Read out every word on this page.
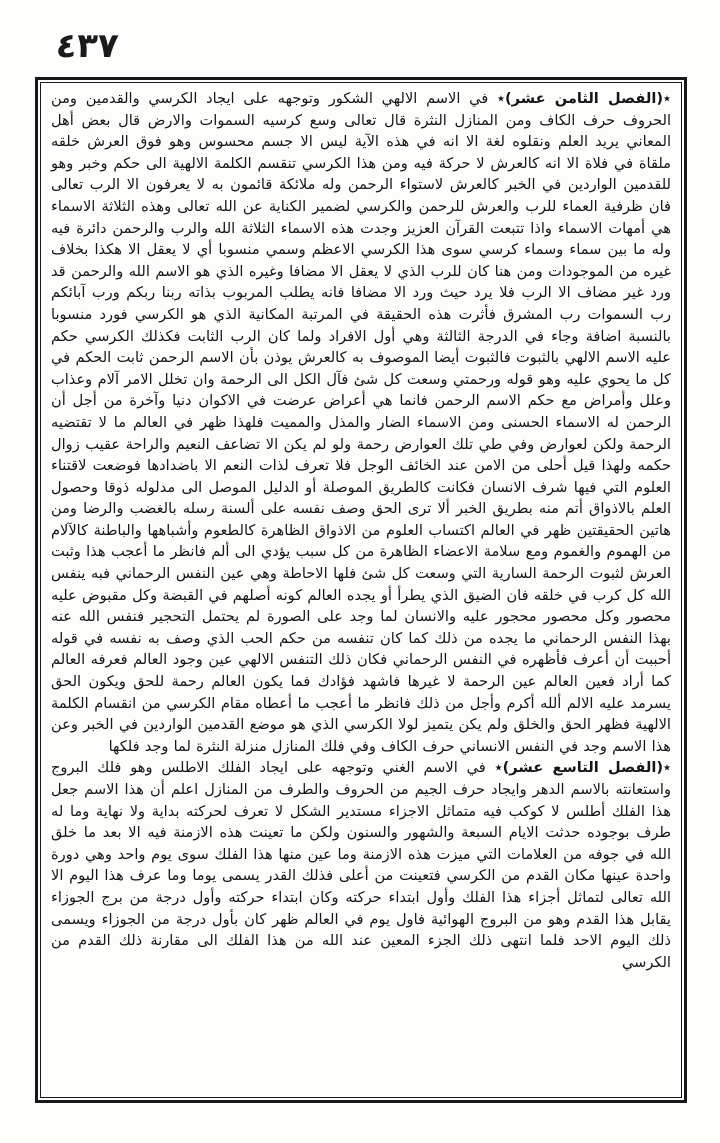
٤٣٧

٭(الفصل الثامن عشر)٭ في الاسم الالهي الشكور وتوجهه على ايجاد الكرسي والقدمين ومن الحروف حرف الكاف ومن المنازل النثرة قال تعالى وسع كرسيه السموات والارض قال بعض أهل المعاني يريد العلم ونقلوه لغة الا انه في هذه الآية ليس الا جسم محسوس وهو فوق العرش خلقه ملقاة في فلاة الا انه كالعرش لا حركة فيه ومن هذا الكرسي تنقسم الكلمة الالهية الى حكم وخبر وهو للقدمين الواردين في الخبر كالعرش لاستواء الرحمن وله ملائكة قائمون به لا يعرفون الا الرب تعالى فان ظرفية العماء للرب والعرش للرحمن والكرسي لضمير الكناية عن الله تعالى وهذه الثلاثة الاسماء هي أمهات الاسماء واذا تتبعت القرآن العزيز وجدت هذه الاسماء الثلاثة الله والرب والرحمن دائرة فيه وله ما بين سماء وسماء كرسي سوى هذا الكرسي الاعظم وسمي منسوبا أي لا يعقل الا هكذا بخلاف غيره من الموجودات ومن هنا كان للرب الذي لا يعقل الا مضافا وغيره الذي هو الاسم الله والرحمن قد ورد غير مضاف الا الرب فلا يرد حيث ورد الا مضافا فانه يطلب المربوب بذاته ربنا ربكم ورب آبائكم رب السموات رب المشرق فأثرت هذه الحقيقة في المرتبة المكانية الذي هو الكرسي فورد منسوبا بالنسبة اضافة وجاء في الدرجة الثالثة وهي أول الافراد ولما كان الرب الثابت فكذلك الكرسي حكم عليه الاسم الالهي بالثبوت فالثبوت أيضا الموصوف به كالعرش يوذن بأن الاسم الرحمن ثابت الحكم في كل ما يحوي عليه وهو قوله ورحمتي وسعت كل شئ فآل الكل الى الرحمة وان تخلل الامر آلام وعذاب وعلل وأمراض مع حكم الاسم الرحمن فانما هي أعراض عرضت في الاكوان دنيا وآخرة من أجل أن الرحمن له الاسماء الحسنى ومن الاسماء الضار والمذل والمميت فلهذا ظهر في العالم ما لا تقتضيه الرحمة ولكن لعوارض وفي طي تلك العوارض رحمة ولو لم يكن الا تضاعف النعيم والراحة عقيب زوال حكمه ولهذا قيل أحلى من الامن عند الخائف الوجل فلا تعرف لذات النعم الا باضدادها فوضعت لاقتناء العلوم التي فيها شرف الانسان فكانت كالطريق الموصلة أو الدليل الموصل الى مدلوله ذوقا وحصول العلم بالاذواق أتم منه بطريق الخبر ألا ترى الحق وصف نفسه على ألسنة رسله بالغضب والرضا ومن هاتين الحقيقتين ظهر في العالم اكتساب العلوم من الاذواق الظاهرة كالطعوم وأشباهها والباطنة كالآلام من الهموم والغموم ومع سلامة الاعضاء الظاهرة من كل سبب يؤدي الى ألم فانظر ما أعجب هذا وثبت العرش لثبوت الرحمة السارية التي وسعت كل شئ فلها الاحاطة وهي عين النفس الرحماني فبه ينفس الله كل كرب في خلقه فان الضيق الذي يطرأ أو يجده العالم كونه أصلهم في القبضة وكل مقبوض عليه محصور وكل محصور محجور عليه والانسان لما وجد على الصورة لم يحتمل التحجير فنفس الله عنه بهذا النفس الرحماني ما يجده من ذلك كما كان تنفسه من حكم الحب الذي وصف به نفسه في قوله أحببت أن أعرف فأظهره في النفس الرحماني فكان ذلك التنفس الالهي عين وجود العالم فعرفه العالم كما أراد فعين العالم عين الرحمة لا غيرها فاشهد فؤادك فما يكون العالم رحمة للحق ويكون الحق يسرمد عليه الالم ألله أكرم وأجل من ذلك فانظر ما أعجب ما أعطاه مقام الكرسي من انقسام الكلمة الالهية فظهر الحق والخلق ولم يكن يتميز لولا الكرسي الذي هو موضع القدمين الواردين في الخبر وعن هذا الاسم وجد في النفس الانساني حرف الكاف وفي فلك المنازل منزلة النثرة لما وجد فلكها

٭(الفصل التاسع عشر)٭ في الاسم الغني وتوجهه على ايجاد الفلك الاطلس وهو فلك البروج واستعانته بالاسم الدهر وايجاد حرف الجيم من الحروف والطرف من المنازل اعلم أن هذا الاسم جعل هذا الفلك أطلس لا كوكب فيه متماثل الاجزاء مستدير الشكل لا تعرف لحركته بداية ولا نهاية وما له طرف بوجوده حدثت الايام السبعة والشهور والسنون ولكن ما تعينت هذه الازمنة فيه الا بعد ما خلق الله في جوفه من العلامات التي ميزت هذه الازمنة وما عين منها هذا الفلك سوى يوم واحد وهي دورة واحدة عينها مكان القدم من الكرسي فتعينت من أعلى فذلك القدر يسمى يوما وما عرف هذا اليوم الا الله تعالى لتماثل أجزاء هذا الفلك وأول ابتداء حركته وكان ابتداء حركته وأول درجة من برج الجوزاء يقابل هذا القدم وهو من البروج الهوائية فاول يوم في العالم ظهر كان بأول درجة من الجوزاء ويسمى ذلك اليوم الاحد فلما انتهى ذلك الجزء المعين عند الله من هذا الفلك الى مقارنة ذلك القدم من الكرسي
